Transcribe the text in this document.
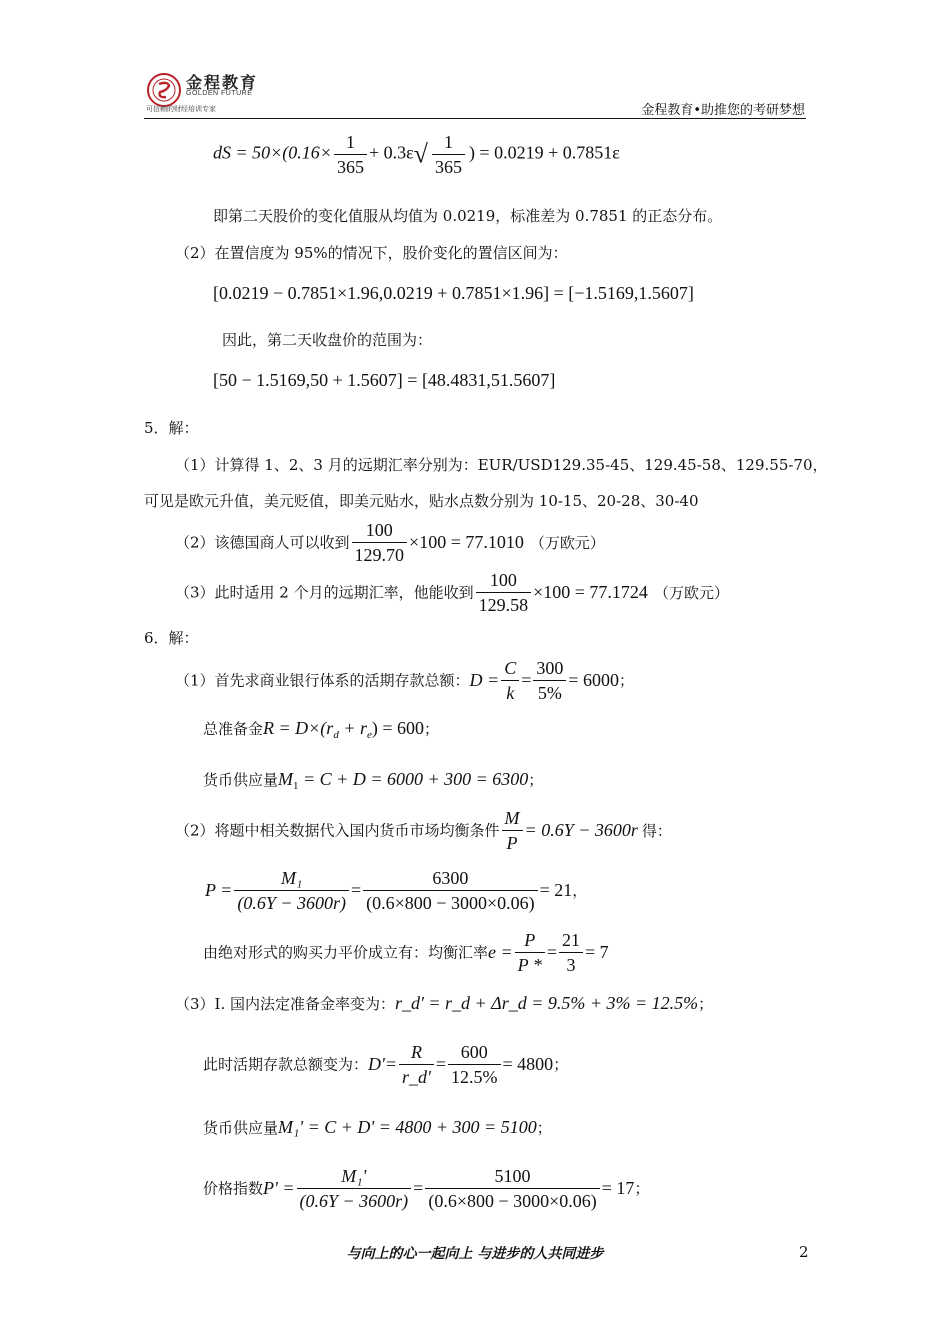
金程教育
GOLDEN FUTURE
可信赖的财经培训专家	金程教育•助推您的考研梦想
dS = $50\times(0.16\times \frac{1}{365} + 0.3\varepsilon√ \frac{1}{365}$ ) = 0.0219 + 0.7851ε
即第二天股价的变化值服从均值为 0.0219，标准差为 0.7851 的正态分布。
（2）在置信度为 95%的情况下，股价变化的置信区间为：
[0.0219 − 0.7851×1.96,0.0219 + 0.7851×1.96] = [−1.5169,1.5607]
因此，第二天收盘价的范围为：
[50 − 1.5169,50 + 1.5607] = [48.4831,51.5607]
5．解：
（1）计算得 1、2、3 月的远期汇率分别为：EUR/USD129.35-45、129.45-58、129.55-70，
可见是欧元升值，美元贬值，即美元贴水，贴水点数分别为 10-15、20-28、30-40
（2）该德国商人可以收到 $\frac{100}{129.70} \times 100 = 77.1010$ （万欧元）
（3）此时适用 2 个月的远期汇率，他能收到 $\frac{100}{129.58} \times 100 = 77.1724$ （万欧元）
6．解：
（1）首先求商业银行体系的活期存款总额：$D = \frac{C}{k} = \frac{300}{5\%} = 6000$；
总准备金$R = D\times(r_d + r_e) = 600$；
货币供应量$M_1 = C + D = 6000 + 300 = 6300$；
（2）将题中相关数据代入国内货币市场均衡条件 $\frac{M}{P} = 0.6Y - 3600r$ 得：
$P = \frac{\text{M₁}}{(0.6Y - 3600r)} = \frac{6300}{(0.6\times 800 - 3000\times 0.06)} = 21$，
由绝对形式的购买力平价成立有：均衡汇率$e = \frac{P}{P *} = \frac{21}{3} = 7$
（3）I. 国内法定准备金率变为：r_d' = r_d + Δr_d = 9.5% + 3% = 12.5%；
此时活期存款总额变为：$D'= \frac{R}{r\_d'} = \frac{600}{12.5\%} = 4800$；
货币供应量M₁' = C + D' = 4800 + 300 = 5100；
价格指数$P' = \frac{\text{M₁'}}{(0.6Y - 3600r)} = \frac{5100}{(0.6\times 800 - 3000\times 0.06)} = 17$；
与向上的心一起向上 与进步的人共同进步	2
